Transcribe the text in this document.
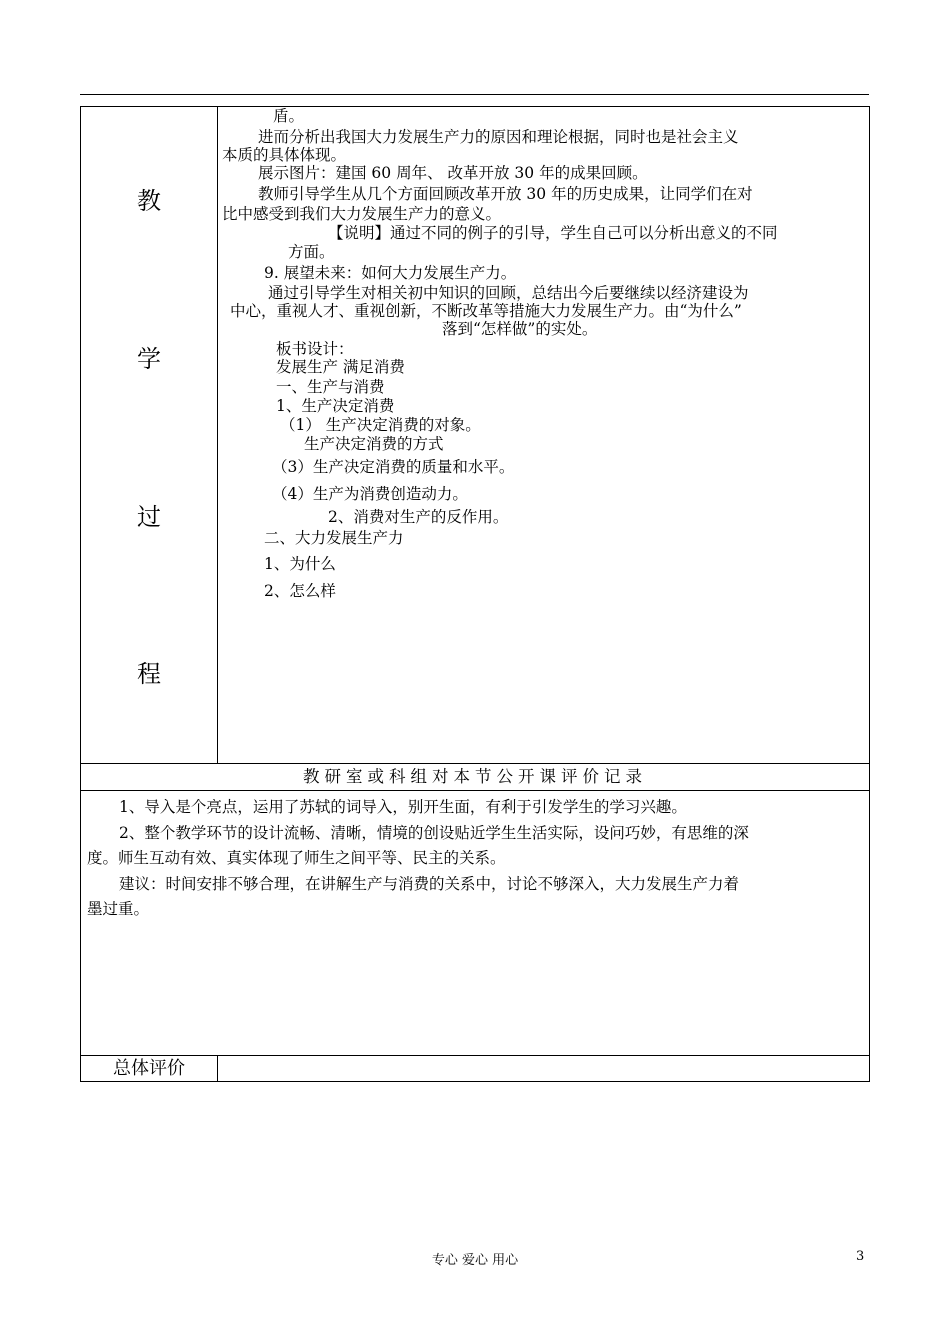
教
学
过
程
盾。
进而分析出我国大力发展生产力的原因和理论根据，同时也是社会主义
本质的具体体现。
展示图片：建国 60 周年、 改革开放 30 年的成果回顾。
教师引导学生从几个方面回顾改革开放 30 年的历史成果，让同学们在对
比中感受到我们大力发展生产力的意义。
【说明】通过不同的例子的引导，学生自己可以分析出意义的不同
方面。
9. 展望未来：如何大力发展生产力。
通过引导学生对相关初中知识的回顾，总结出今后要继续以经济建设为
中心，重视人才、重视创新，不断改革等措施大力发展生产力。由“为什么”
落到“怎样做”的实处。
板书设计：
发展生产 满足消费
一、生产与消费
1、生产决定消费
（1） 生产决定消费的对象。
生产决定消费的方式
（3）生产决定消费的质量和水平。
（4）生产为消费创造动力。
2、消费对生产的反作用。
二、大力发展生产力
1、为什么
2、怎么样
教研室或科组对本节公开课评价记录
1、导入是个亮点，运用了苏轼的词导入，别开生面，有利于引发学生的学习兴趣。
2、整个教学环节的设计流畅、清晰，情境的创设贴近学生生活实际，设问巧妙，有思维的深
度。师生互动有效、真实体现了师生之间平等、民主的关系。
建议：时间安排不够合理，在讲解生产与消费的关系中，讨论不够深入，大力发展生产力着
墨过重。
总体评价
专心 爱心 用心	3
